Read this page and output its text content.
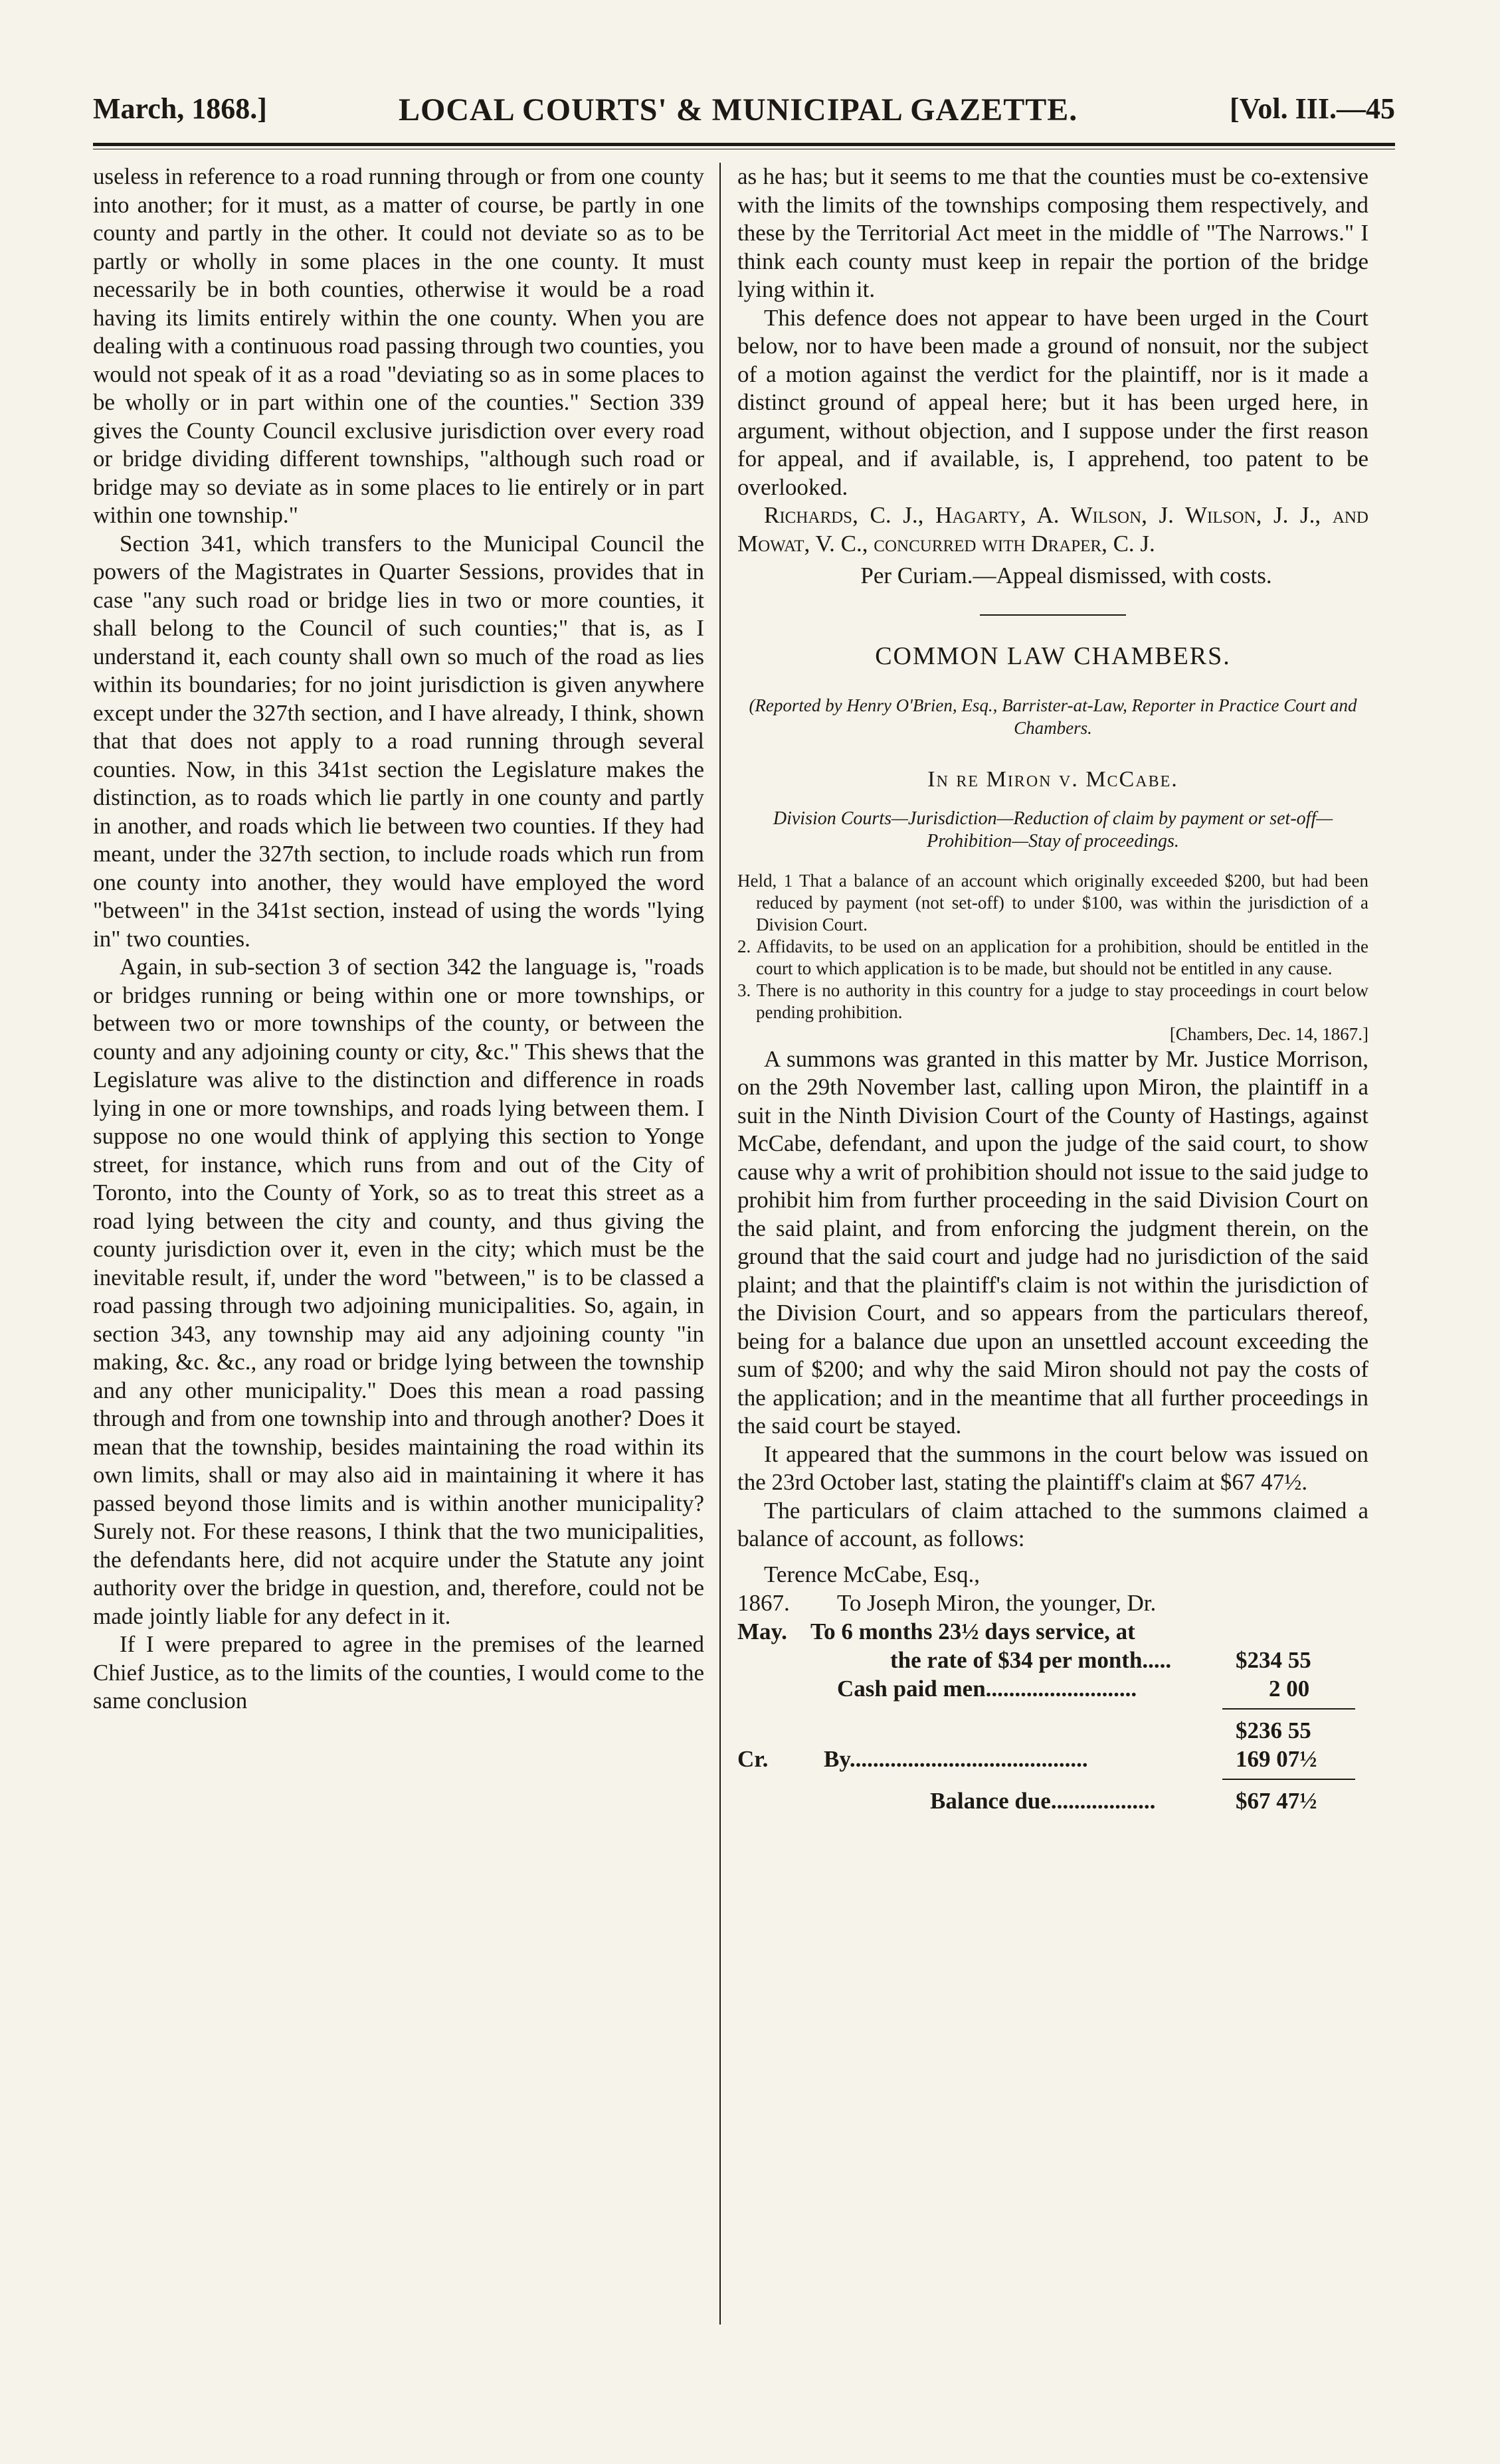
March, 1868.]	LOCAL COURTS' & MUNICIPAL GAZETTE.	[Vol. III.—45

useless in reference to a road running through or from one county into another; for it must, as a matter of course, be partly in one county and partly in the other. It could not deviate so as to be partly or wholly in some places in the one county. It must necessarily be in both counties, otherwise it would be a road having its limits entirely within the one county. When you are dealing with a continuous road passing through two counties, you would not speak of it as a road "deviating so as in some places to be wholly or in part within one of the counties." Section 339 gives the County Council exclusive jurisdiction over every road or bridge dividing different townships, "although such road or bridge may so deviate as in some places to lie entirely or in part within one township."

Section 341, which transfers to the Municipal Council the powers of the Magistrates in Quarter Sessions, provides that in case "any such road or bridge lies in two or more counties, it shall belong to the Council of such counties;" that is, as I understand it, each county shall own so much of the road as lies within its boundaries; for no joint jurisdiction is given anywhere except under the 327th section, and I have already, I think, shown that that does not apply to a road running through several counties. Now, in this 341st section the Legislature makes the distinction, as to roads which lie partly in one county and partly in another, and roads which lie between two counties. If they had meant, under the 327th section, to include roads which run from one county into another, they would have employed the word "between" in the 341st section, instead of using the words "lying in" two counties.

Again, in sub-section 3 of section 342 the language is, "roads or bridges running or being within one or more townships, or between two or more townships of the county, or between the county and any adjoining county or city, &c." This shews that the Legislature was alive to the distinction and difference in roads lying in one or more townships, and roads lying between them. I suppose no one would think of applying this section to Yonge street, for instance, which runs from and out of the City of Toronto, into the County of York, so as to treat this street as a road lying between the city and county, and thus giving the county jurisdiction over it, even in the city; which must be the inevitable result, if, under the word "between," is to be classed a road passing through two adjoining municipalities. So, again, in section 343, any township may aid any adjoining county "in making, &c. &c., any road or bridge lying between the township and any other municipality." Does this mean a road passing through and from one township into and through another? Does it mean that the township, besides maintaining the road within its own limits, shall or may also aid in maintaining it where it has passed beyond those limits and is within another municipality? Surely not. For these reasons, I think that the two municipalities, the defendants here, did not acquire under the Statute any joint authority over the bridge in question, and, therefore, could not be made jointly liable for any defect in it.

If I were prepared to agree in the premises of the learned Chief Justice, as to the limits of the counties, I would come to the same conclusion

as he has; but it seems to me that the counties must be co-extensive with the limits of the townships composing them respectively, and these by the Territorial Act meet in the middle of "The Narrows." I think each county must keep in repair the portion of the bridge lying within it.

This defence does not appear to have been urged in the Court below, nor to have been made a ground of nonsuit, nor the subject of a motion against the verdict for the plaintiff, nor is it made a distinct ground of appeal here; but it has been urged here, in argument, without objection, and I suppose under the first reason for appeal, and if available, is, I apprehend, too patent to be overlooked.

Richards, C. J., Hagarty, A. Wilson, J. Wilson, J. J., and Mowat, V. C., concurred with Draper, C. J.

Per Curiam.—Appeal dismissed, with costs.

COMMON LAW CHAMBERS.
(Reported by Henry O'Brien, Esq., Barrister-at-Law, Reporter in Practice Court and Chambers.
In re Miron v. McCabe.
Division Courts—Jurisdiction—Reduction of claim by payment or set-off—Prohibition—Stay of proceedings.

Held, 1 That a balance of an account which originally exceeded $200, but had been reduced by payment (not set-off) to under $100, was within the jurisdiction of a Division Court.

2. Affidavits, to be used on an application for a prohibition, should be entitled in the court to which application is to be made, but should not be entitled in any cause.

3. There is no authority in this country for a judge to stay proceedings in court below pending prohibition.

[Chambers, Dec. 14, 1867.]

A summons was granted in this matter by Mr. Justice Morrison, on the 29th November last, calling upon Miron, the plaintiff in a suit in the Ninth Division Court of the County of Hastings, against McCabe, defendant, and upon the judge of the said court, to show cause why a writ of prohibition should not issue to the said judge to prohibit him from further proceeding in the said Division Court on the said plaint, and from enforcing the judgment therein, on the ground that the said court and judge had no jurisdiction of the said plaint; and that the plaintiff's claim is not within the jurisdiction of the Division Court, and so appears from the particulars thereof, being for a balance due upon an unsettled account exceeding the sum of $200; and why the said Miron should not pay the costs of the application; and in the meantime that all further proceedings in the said court be stayed.

It appeared that the summons in the court below was issued on the 23rd October last, stating the plaintiff's claim at $67 47½.

The particulars of claim attached to the summons claimed a balance of account, as follows:

Terence McCabe, Esq.,
1867. To Joseph Miron, the younger, Dr.
May. To 6 months 23½ days service, at
the rate of $34 per month.....	$234 55
Cash paid men..........................	2 00
$236 55
Cr. By.........................................	169 07½
Balance due..................	$67 47½
